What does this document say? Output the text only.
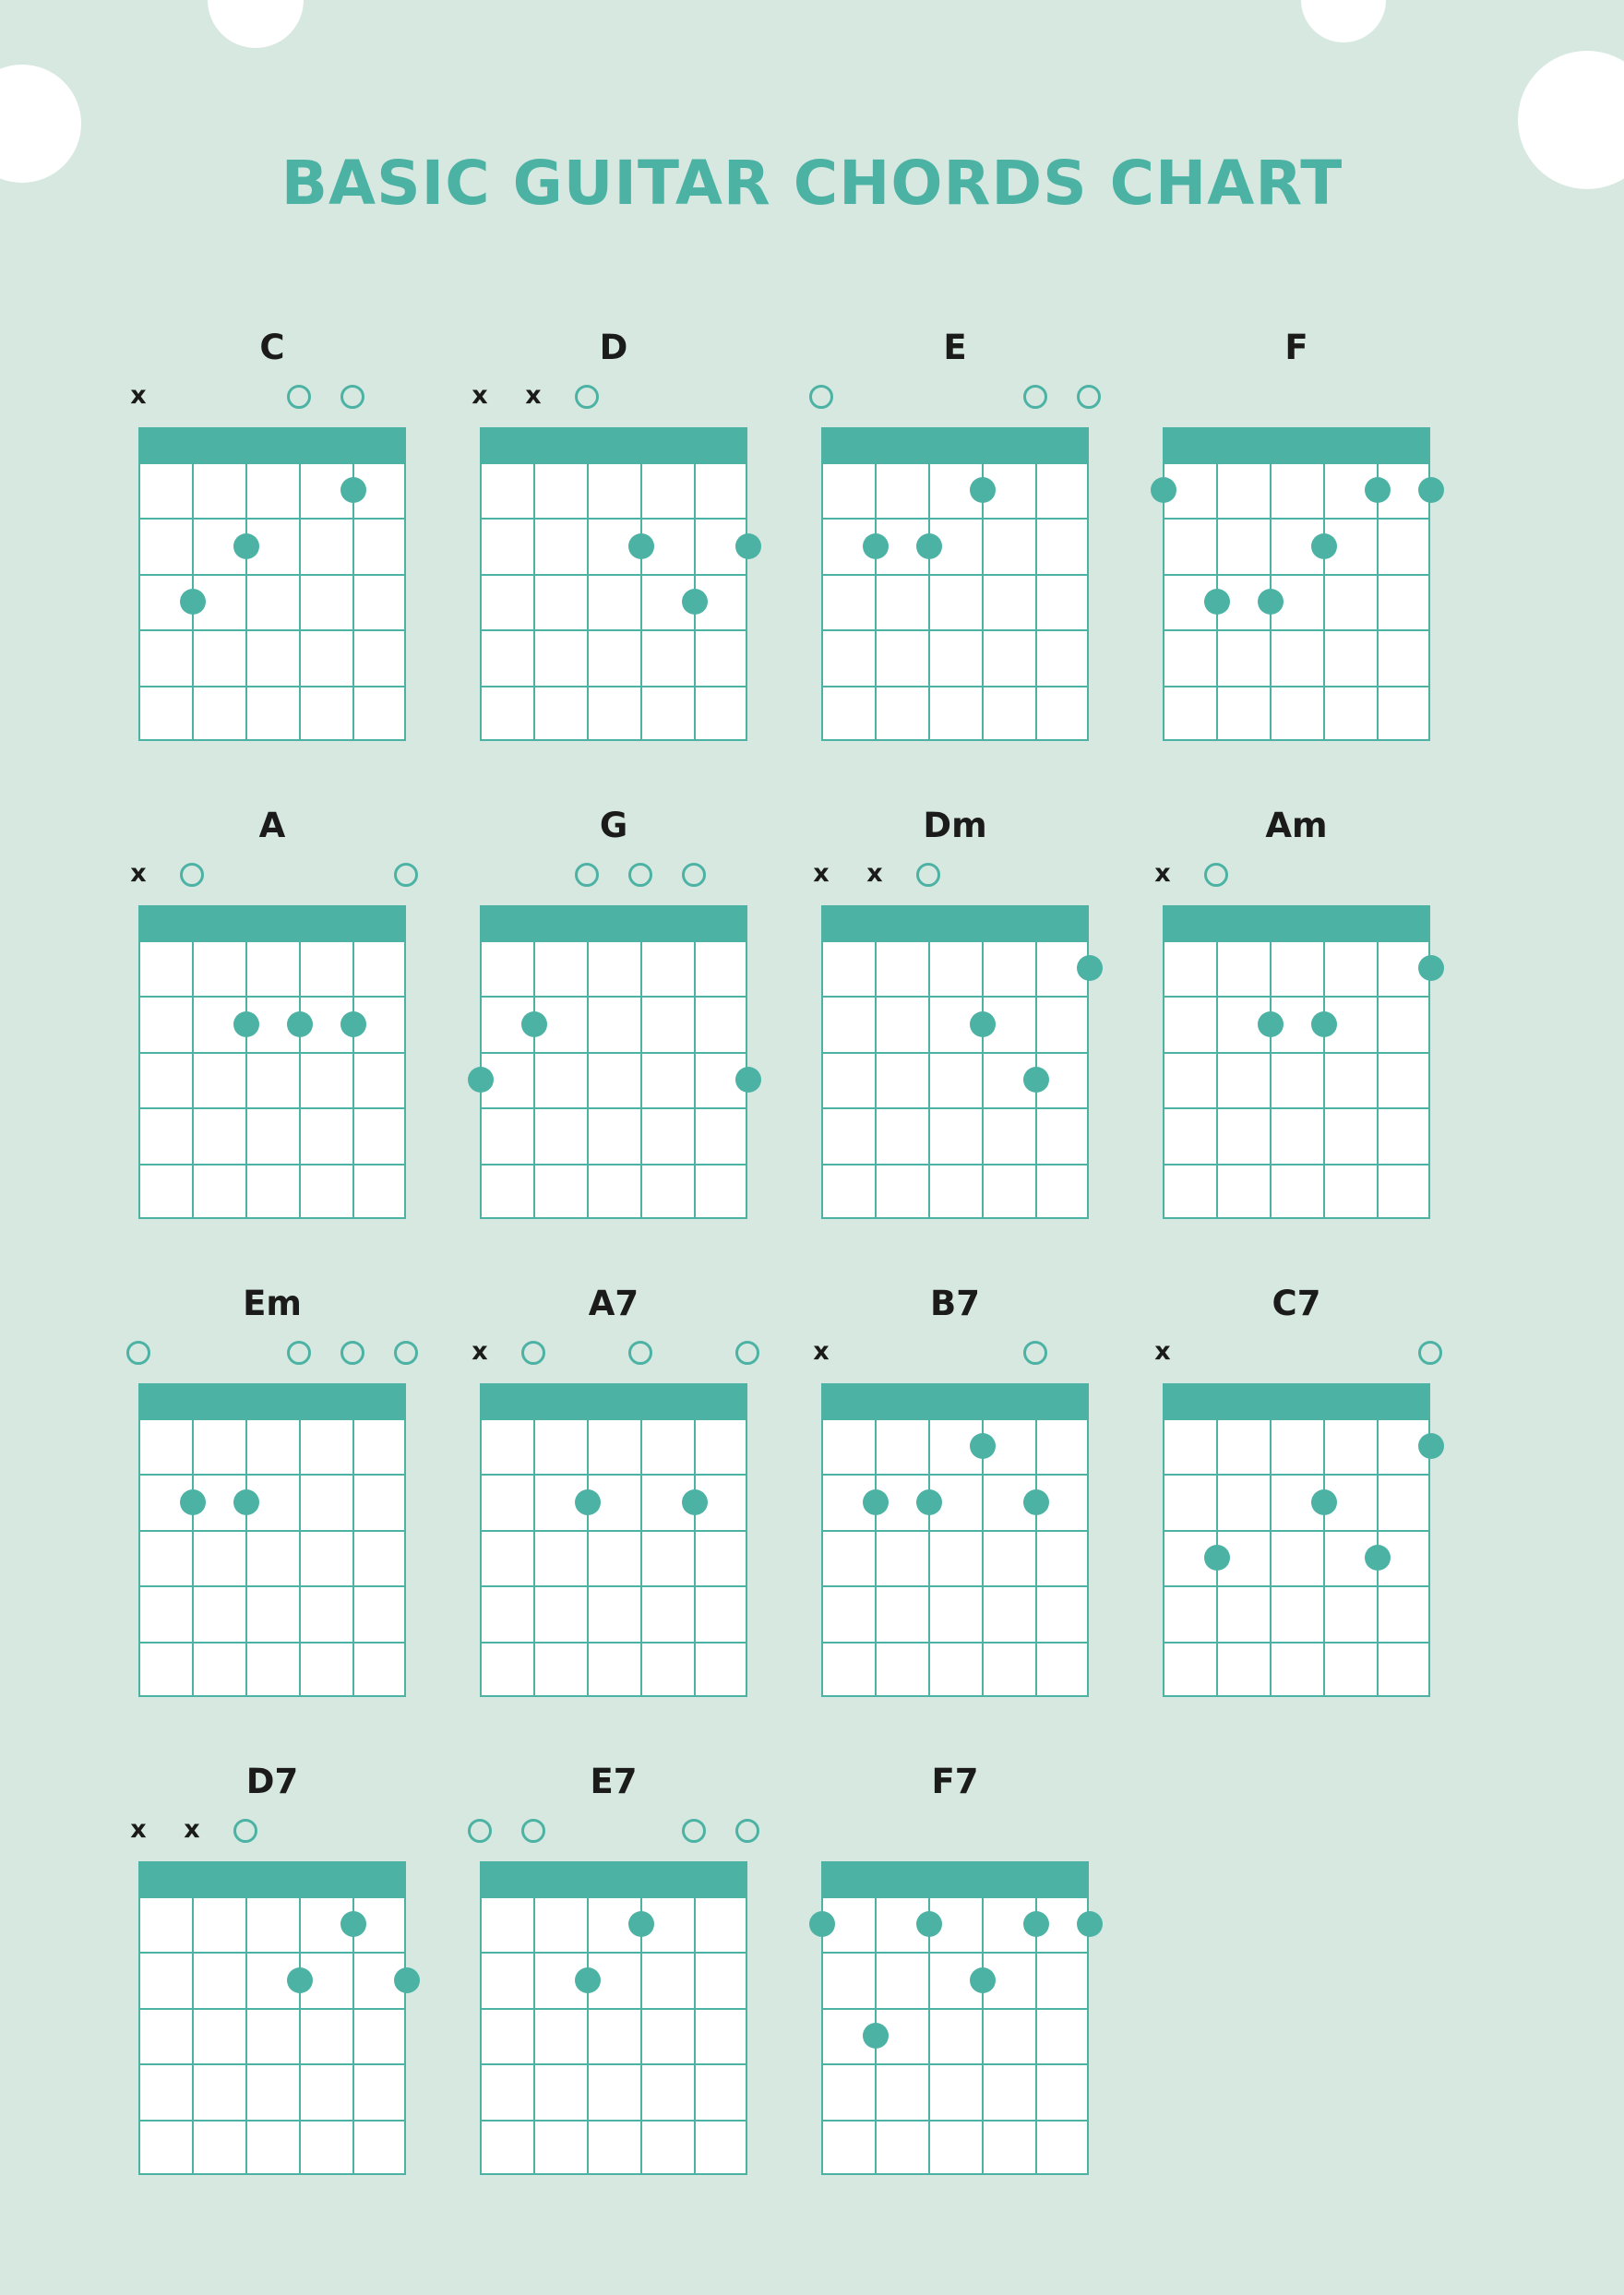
BASIC GUITAR CHORDS CHART
C
x
D
x x
E	F
A
x
G	Dm
x x
Am
x
Em	A7
x
B7
x
C7
x
D7
x x
E7	F7
